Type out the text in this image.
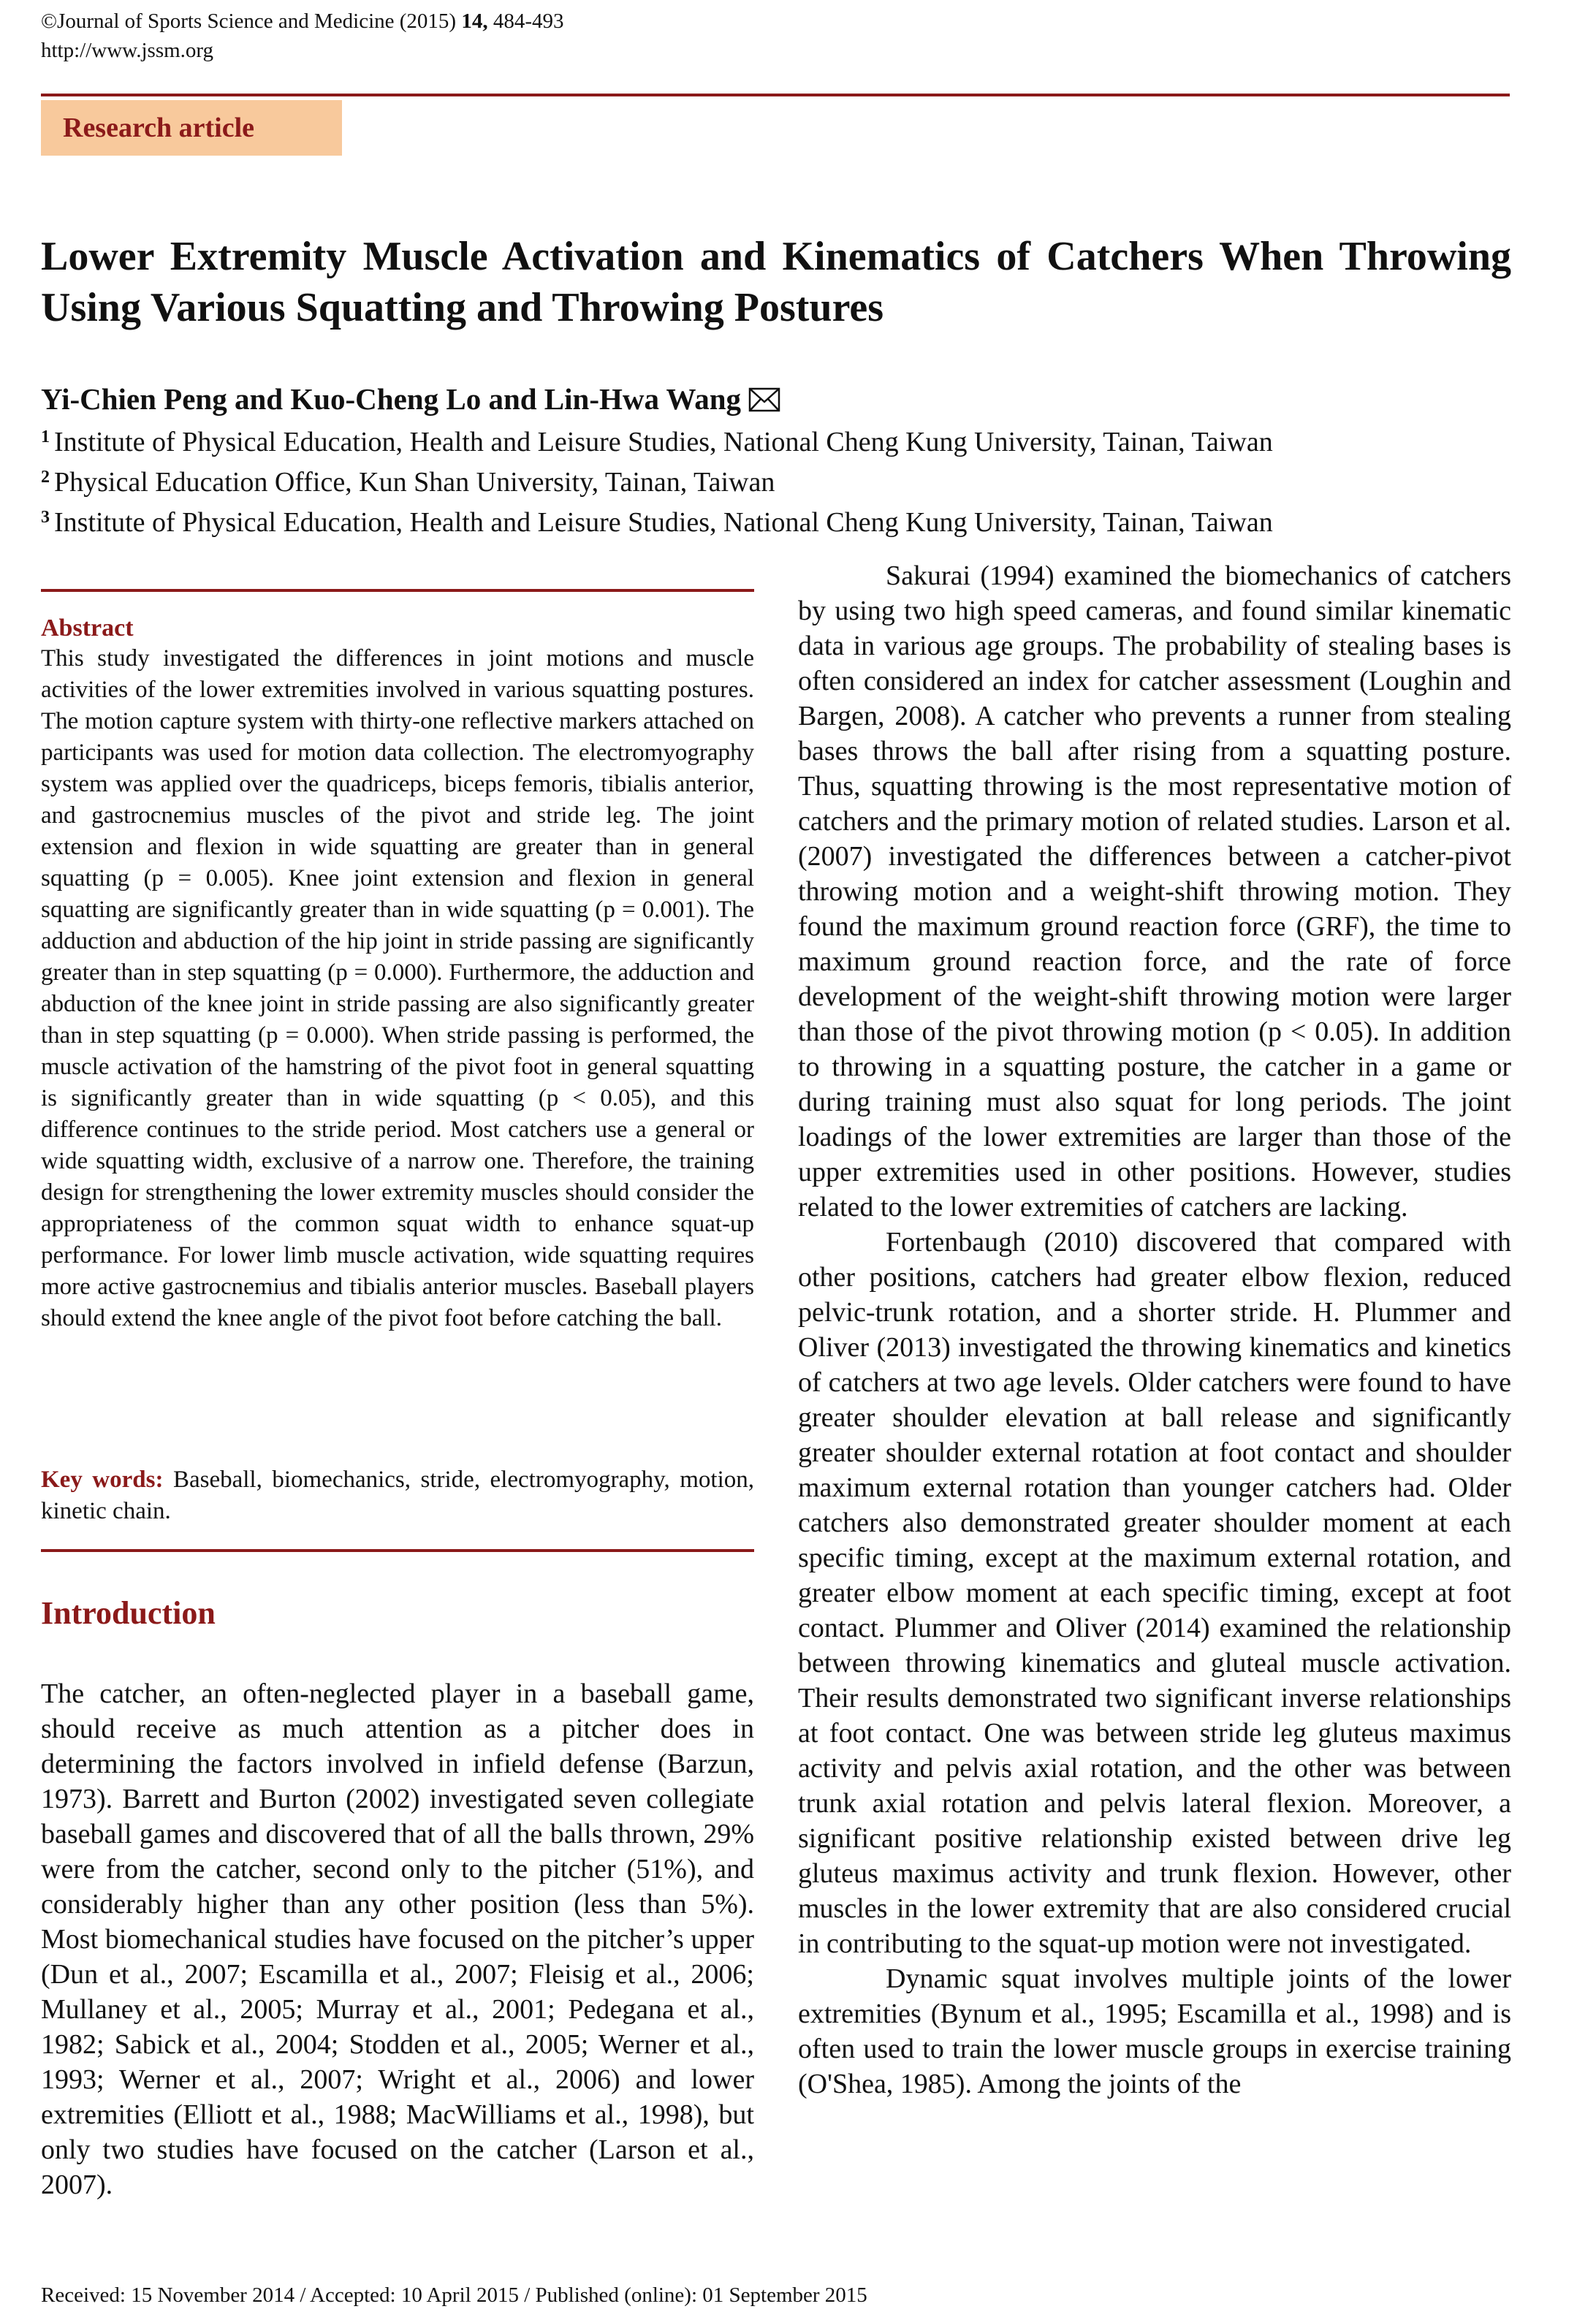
©Journal of Sports Science and Medicine (2015) 14, 484-493
http://www.jssm.org
Research article
Lower Extremity Muscle Activation and Kinematics of Catchers When Throwing Using Various Squatting and Throwing Postures
Yi-Chien Peng and Kuo-Cheng Lo and Lin-Hwa Wang
$^1$ Institute of Physical Education, Health and Leisure Studies, National Cheng Kung University, Tainan, Taiwan
$^2$ Physical Education Office, Kun Shan University, Tainan, Taiwan
$^3$ Institute of Physical Education, Health and Leisure Studies, National Cheng Kung University, Tainan, Taiwan
Abstract
This study investigated the differences in joint motions and muscle activities of the lower extremities involved in various squatting postures. The motion capture system with thirty-one reflective markers attached on participants was used for motion data collection. The electromyography system was applied over the quadriceps, biceps femoris, tibialis anterior, and gastrocnemius muscles of the pivot and stride leg. The joint extension and flexion in wide squatting are greater than in general squatting (p = 0.005). Knee joint extension and flexion in general squatting are significantly greater than in wide squatting (p = 0.001). The adduction and abduction of the hip joint in stride passing are significantly greater than in step squatting (p = 0.000). Furthermore, the adduction and abduction of the knee joint in stride passing are also significantly greater than in step squatting (p = 0.000). When stride passing is performed, the muscle activation of the hamstring of the pivot foot in general squatting is significantly greater than in wide squatting (p < 0.05), and this difference continues to the stride period. Most catchers use a general or wide squatting width, exclusive of a narrow one. Therefore, the training design for strengthening the lower extremity muscles should consider the appropriateness of the common squat width to enhance squat-up performance. For lower limb muscle activation, wide squatting requires more active gastrocnemius and tibialis anterior muscles. Baseball players should extend the knee angle of the pivot foot before catching the ball.
Key words: Baseball, biomechanics, stride, electromyography, motion, kinetic chain.
Introduction
The catcher, an often-neglected player in a baseball game, should receive as much attention as a pitcher does in determining the factors involved in infield defense (Barzun, 1973). Barrett and Burton (2002) investigated seven collegiate baseball games and discovered that of all the balls thrown, 29% were from the catcher, second only to the pitcher (51%), and considerably higher than any other position (less than 5%). Most biomechanical studies have focused on the pitcher’s upper (Dun et al., 2007; Escamilla et al., 2007; Fleisig et al., 2006; Mullaney et al., 2005; Murray et al., 2001; Pedegana et al., 1982; Sabick et al., 2004; Stodden et al., 2005; Werner et al., 1993; Werner et al., 2007; Wright et al., 2006) and lower extremities (Elliott et al., 1988; MacWilliams et al., 1998), but only two studies have focused on the catcher (Larson et al., 2007).

Sakurai (1994) examined the biomechanics of catchers by using two high speed cameras, and found similar kinematic data in various age groups. The probability of stealing bases is often considered an index for catcher assessment (Loughin and Bargen, 2008). A catcher who prevents a runner from stealing bases throws the ball after rising from a squatting posture. Thus, squatting throwing is the most representative motion of catchers and the primary motion of related studies. Larson et al. (2007) investigated the differences between a catcher-pivot throwing motion and a weight-shift throwing motion. They found the maximum ground reaction force (GRF), the time to maximum ground reaction force, and the rate of force development of the weight-shift throwing motion were larger than those of the pivot throwing motion (p < 0.05). In addition to throwing in a squatting posture, the catcher in a game or during training must also squat for long periods. The joint loadings of the lower extremities are larger than those of the upper extremities used in other positions. However, studies related to the lower extremities of catchers are lacking.

Fortenbaugh (2010) discovered that compared with other positions, catchers had greater elbow flexion, reduced pelvic-trunk rotation, and a shorter stride. H. Plummer and Oliver (2013) investigated the throwing kinematics and kinetics of catchers at two age levels. Older catchers were found to have greater shoulder elevation at ball release and significantly greater shoulder external rotation at foot contact and shoulder maximum external rotation than younger catchers had. Older catchers also demonstrated greater shoulder moment at each specific timing, except at the maximum external rotation, and greater elbow moment at each specific timing, except at foot contact. Plummer and Oliver (2014) examined the relationship between throwing kinematics and gluteal muscle activation. Their results demonstrated two significant inverse relationships at foot contact. One was between stride leg gluteus maximus activity and pelvis axial rotation, and the other was between trunk axial rotation and pelvis lateral flexion. Moreover, a significant positive relationship existed between drive leg gluteus maximus activity and trunk flexion. However, other muscles in the lower extremity that are also considered crucial in contributing to the squat-up motion were not investigated.

Dynamic squat involves multiple joints of the lower extremities (Bynum et al., 1995; Escamilla et al., 1998) and is often used to train the lower muscle groups in exercise training (O'Shea, 1985). Among the joints of the

Received: 15 November 2014 / Accepted: 10 April 2015 / Published (online): 01 September 2015
